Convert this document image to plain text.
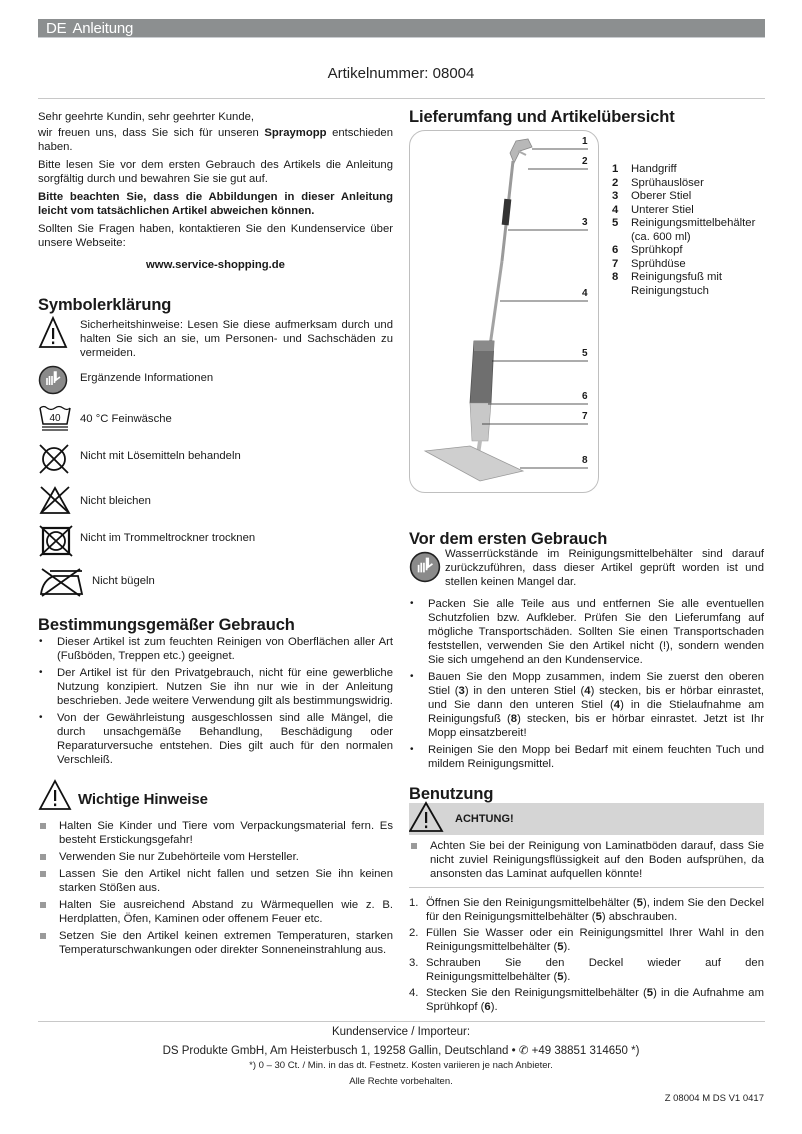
DE Anleitung
Artikelnummer: 08004

Sehr geehrte Kundin, sehr geehrter Kunde,

wir freuen uns, dass Sie sich für unseren Spraymopp entschieden haben.

Bitte lesen Sie vor dem ersten Gebrauch des Artikels die Anleitung sorgfältig durch und bewahren Sie sie gut auf.

Bitte beachten Sie, dass die Abbildungen in dieser Anleitung leicht vom tatsächlichen Artikel abweichen können.

Sollten Sie Fragen haben, kontaktieren Sie den Kundenservice über unsere Webseite:

www.service-shopping.de

Symbolerklärung
Sicherheitshinweise: Lesen Sie diese aufmerksam durch und halten Sie sich an sie, um Personen- und Sachschäden zu vermeiden.
Ergänzende Informationen
40 40 °C Feinwäsche
Nicht mit Lösemitteln behandeln
Nicht bleichen
Nicht im Trommeltrockner trocknen
Nicht bügeln
Bestimmungsgemäßer Gebrauch
• Dieser Artikel ist zum feuchten Reinigen von Oberflächen aller Art (Fußböden, Treppen etc.) geeignet.
• Der Artikel ist für den Privatgebrauch, nicht für eine gewerbliche Nutzung konzipiert. Nutzen Sie ihn nur wie in der Anleitung beschrieben. Jede weitere Verwendung gilt als bestimmungswidrig.
• Von der Gewährleistung ausgeschlossen sind alle Mängel, die durch unsachgemäße Behandlung, Beschädigung oder Reparaturversuche entstehen. Dies gilt auch für den normalen Verschleiß.
Wichtige Hinweise
Halten Sie Kinder und Tiere vom Verpackungsmaterial fern. Es besteht Erstickungsgefahr!
Verwenden Sie nur Zubehörteile vom Hersteller.
Lassen Sie den Artikel nicht fallen und setzen Sie ihn keinen starken Stößen aus.
Halten Sie ausreichend Abstand zu Wärmequellen wie z. B. Herdplatten, Öfen, Kaminen oder offenem Feuer etc.
Setzen Sie den Artikel keinen extremen Temperaturen, starken Temperaturschwankungen oder direkter Sonneneinstrahlung aus.
Lieferumfang und Artikelübersicht
1
2
3
4
5
6
7
8
1	Handgriff
2	Sprühauslöser
3	Oberer Stiel
4	Unterer Stiel
5	Reinigungsmittelbehälter (ca. 600 ml)
6	Sprühkopf
7	Sprühdüse
8	Reinigungsfuß mit Reinigungstuch
Vor dem ersten Gebrauch

Wasserrückstände im Reinigungsmittelbehälter sind darauf zurückzuführen, dass dieser Artikel geprüft worden ist und stellen keinen Mangel dar.

• Packen Sie alle Teile aus und entfernen Sie alle eventuellen Schutzfolien bzw. Aufkleber. Prüfen Sie den Lieferumfang auf mögliche Transportschäden. Sollten Sie einen Transportschaden feststellen, verwenden Sie den Artikel nicht (!), sondern wenden Sie sich umgehend an den Kundenservice.
• Bauen Sie den Mopp zusammen, indem Sie zuerst den oberen Stiel (3) in den unteren Stiel (4) stecken, bis er hörbar einrastet, und Sie dann den unteren Stiel (4) in die Stielaufnahme am Reinigungsfuß (8) stecken, bis er hörbar einrastet. Jetzt ist Ihr Mopp einsatzbereit!
• Reinigen Sie den Mopp bei Bedarf mit einem feuchten Tuch und mildem Reinigungsmittel.
Benutzung
ACHTUNG!
Achten Sie bei der Reinigung von Laminatböden darauf, dass Sie nicht zuviel Reinigungsflüssigkeit auf den Boden aufsprühen, da ansonsten das Laminat aufquellen könnte!
1. Öffnen Sie den Reinigungsmittelbehälter (5), indem Sie den Deckel für den Reinigungsmittelbehälter (5) abschrauben.
2. Füllen Sie Wasser oder ein Reinigungsmittel Ihrer Wahl in den Reinigungsmittelbehälter (5).
3. Schrauben Sie den Deckel wieder auf den Reinigungsmittelbehälter (5).
4. Stecken Sie den Reinigungsmittelbehälter (5) in die Aufnahme am Sprühkopf (6).
Kundenservice / Importeur:
DS Produkte GmbH, Am Heisterbusch 1, 19258 Gallin, Deutschland • ✆ +49 38851 314650 *)
*) 0 – 30 Ct. / Min. in das dt. Festnetz. Kosten variieren je nach Anbieter.
Alle Rechte vorbehalten.
Z 08004 M DS V1 0417
